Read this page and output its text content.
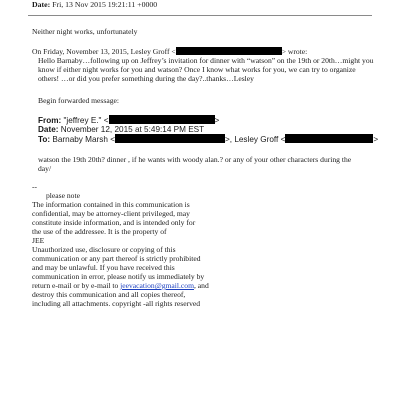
Date: Fri, 13 Nov 2015 19:21:11 +0000
Neither night works, unfortunately
On Friday, November 13, 2015, Lesley Groff <	> wrote:
Hello Barnaby…following up on Jeffrey’s invitation for dinner with “watson” on the 19th or 20th…might you
know if either night works for you and watson? Once I know what works for you, we can try to organize
others! …or did you prefer something during the day?..thanks…Lesley
Begin forwarded message:
From: "jeffrey E." <	>
Date: November 12, 2015 at 5:49:14 PM EST
To: Barnaby Marsh <	>, Lesley Groff <	>
watson the 19th 20th? dinner , if he wants with woody alan.? or any of your other characters during the
day/
--
please note
The information contained in this communication is
confidential, may be attorney-client privileged, may
constitute inside information, and is intended only for
the use of the addressee. It is the property of
JEE
Unauthorized use, disclosure or copying of this
communication or any part thereof is strictly prohibited
and may be unlawful. If you have received this
communication in error, please notify us immediately by
return e-mail or by e-mail to jeevacation@gmail.com, and
destroy this communication and all copies thereof,
including all attachments. copyright -all rights reserved
